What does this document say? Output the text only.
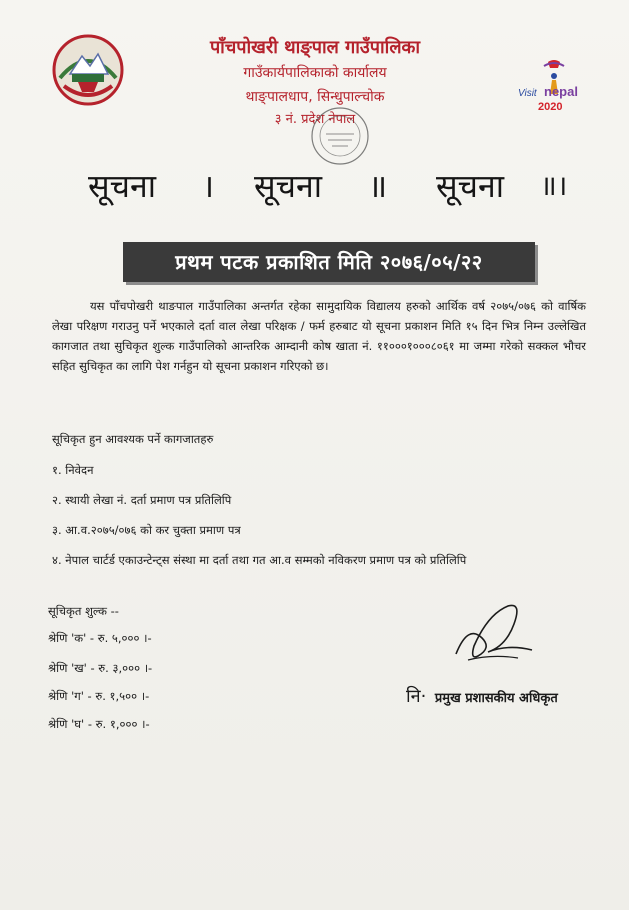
पाँचपोखरी थाङ्पाल गाउँपालिका
गाउँकार्यपालिकाको कार्यालय
थाङ्पालधाप, सिन्धुपाल्चोक
३ नं. प्रदेश नेपाल
Visit nepal
2020
सूचना । सूचना ॥ सूचना ॥।
प्रथम पटक प्रकाशित मिति २०७६/०५/२२
यस पाँचपोखरी थाङपाल गाउँपालिका अन्तर्गत रहेका सामुदायिक विद्यालय हरुको आर्थिक वर्ष २०७५/०७६ को वार्षिक लेखा परिक्षण गराउनु पर्ने भएकाले दर्ता वाल लेखा परिक्षक / फर्म हरुबाट यो सूचना प्रकाशन मिति १५ दिन भित्र निम्न उल्लेखित कागजात तथा सुचिकृत शुल्क गाउँपालिको आन्तरिक आम्दानी कोष खाता नं. ११०००१०००८०६१ मा जम्मा गरेको सक्कल भौचर सहित सुचिकृत का लागि पेश गर्नहुन यो सूचना प्रकाशन गरिएको छ।
सूचिकृत हुन आवश्यक पर्ने कागजातहरु
१. निवेदन
२. स्थायी लेखा नं. दर्ता प्रमाण पत्र प्रतिलिपि
३. आ.व.२०७५/०७६ को कर चुक्ता प्रमाण पत्र
४. नेपाल चार्टर्ड एकाउन्टेन्ट्स संस्था मा दर्ता तथा गत आ.व सम्मको नविकरण प्रमाण पत्र को प्रतिलिपि
सूचिकृत शुल्क --
श्रेणि 'क' - रु. ५,००० ।-
श्रेणि 'ख' - रु. ३,००० ।-
श्रेणि 'ग' - रु. १,५०० ।-
श्रेणि 'घ' - रु. १,००० ।-
नि· प्रमुख प्रशासकीय अधिकृत
